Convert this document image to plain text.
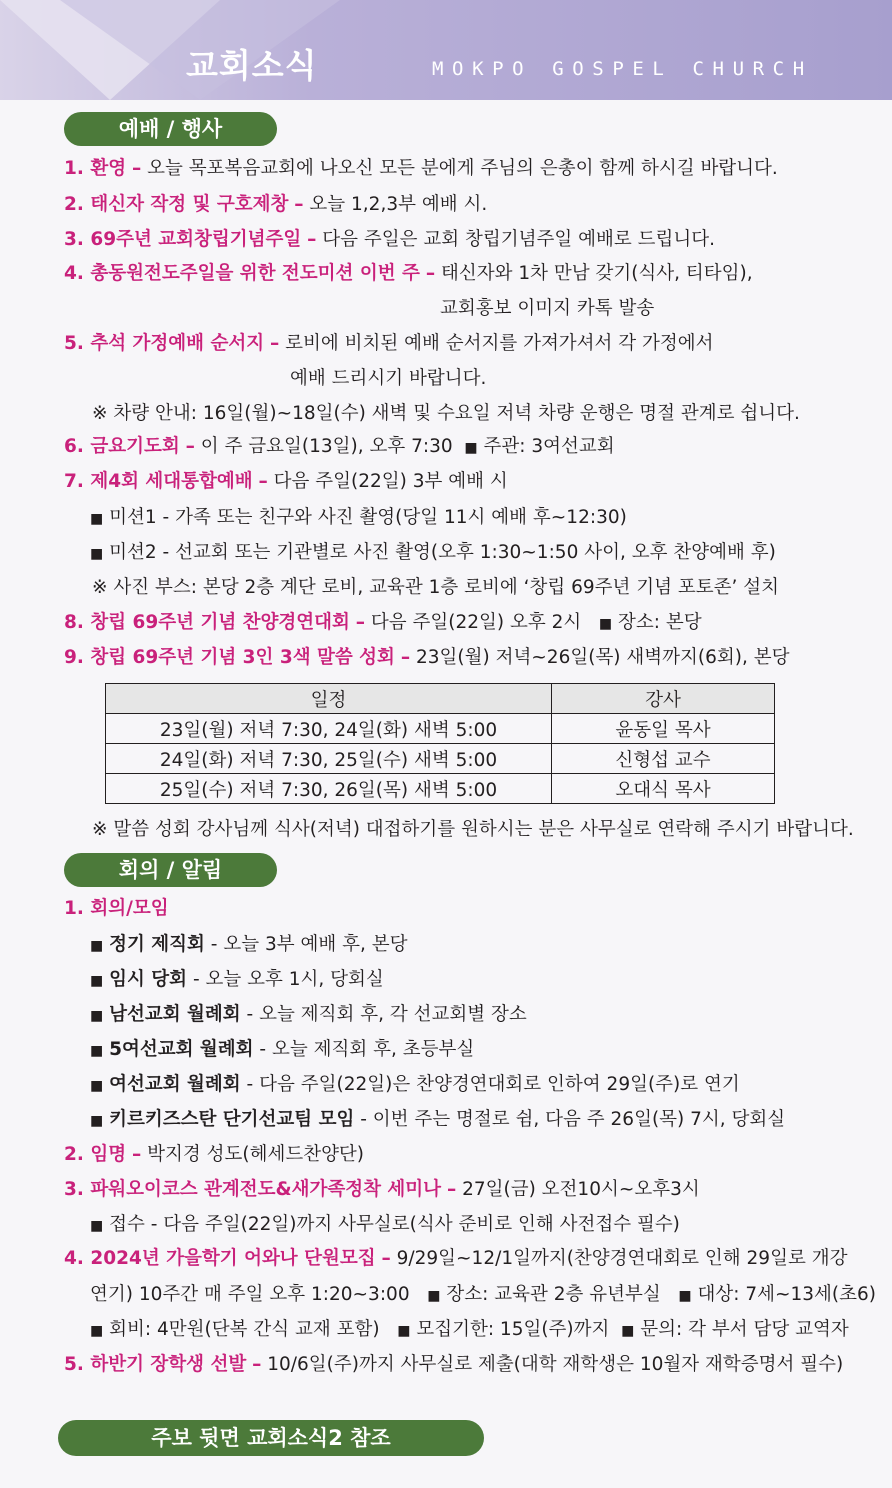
교회소식	MOKPO GOSPEL CHURCH
예배 / 행사
1. 환영 – 오늘 목포복음교회에 나오신 모든 분에게 주님의 은총이 함께 하시길 바랍니다.
2. 태신자 작정 및 구호제창 – 오늘 1,2,3부 예배 시.
3. 69주년 교회창립기념주일 – 다음 주일은 교회 창립기념주일 예배로 드립니다.
4. 총동원전도주일을 위한 전도미션 이번 주 – 태신자와 1차 만남 갖기(식사, 티타임),
교회홍보 이미지 카톡 발송
5. 추석 가정예배 순서지 – 로비에 비치된 예배 순서지를 가져가셔서 각 가정에서
예배 드리시기 바랍니다.
※ 차량 안내: 16일(월)~18일(수) 새벽 및 수요일 저녁 차량 운행은 명절 관계로 쉽니다.
6. 금요기도회 – 이 주 금요일(13일), 오후 7:30 ■ 주관: 3여선교회
7. 제4회 세대통합예배 – 다음 주일(22일) 3부 예배 시
■ 미션1 - 가족 또는 친구와 사진 촬영(당일 11시 예배 후~12:30)
■ 미션2 - 선교회 또는 기관별로 사진 촬영(오후 1:30~1:50 사이, 오후 찬양예배 후)
※ 사진 부스: 본당 2층 계단 로비, 교육관 1층 로비에 ‘창립 69주년 기념 포토존’ 설치
8. 창립 69주년 기념 찬양경연대회 – 다음 주일(22일) 오후 2시 ■ 장소: 본당
9. 창립 69주년 기념 3인 3색 말씀 성회 – 23일(월) 저녁~26일(목) 새벽까지(6회), 본당
일정	강사
23일(월) 저녁 7:30, 24일(화) 새벽 5:00	윤동일 목사
24일(화) 저녁 7:30, 25일(수) 새벽 5:00	신형섭 교수
25일(수) 저녁 7:30, 26일(목) 새벽 5:00	오대식 목사
※ 말씀 성회 강사님께 식사(저녁) 대접하기를 원하시는 분은 사무실로 연락해 주시기 바랍니다.
회의 / 알림
1. 회의/모임
■ 정기 제직회 - 오늘 3부 예배 후, 본당
■ 임시 당회 - 오늘 오후 1시, 당회실
■ 남선교회 월례회 - 오늘 제직회 후, 각 선교회별 장소
■ 5여선교회 월례회 - 오늘 제직회 후, 초등부실
■ 여선교회 월례회 - 다음 주일(22일)은 찬양경연대회로 인하여 29일(주)로 연기
■ 키르키즈스탄 단기선교팀 모임 - 이번 주는 명절로 쉼, 다음 주 26일(목) 7시, 당회실
2. 임명 – 박지경 성도(헤세드찬양단)
3. 파워오이코스 관계전도&새가족정착 세미나 – 27일(금) 오전10시~오후3시
■ 접수 - 다음 주일(22일)까지 사무실로(식사 준비로 인해 사전접수 필수)
4. 2024년 가을학기 어와나 단원모집 – 9/29일~12/1일까지(찬양경연대회로 인해 29일로 개강
연기) 10주간 매 주일 오후 1:20~3:00 ■ 장소: 교육관 2층 유년부실 ■ 대상: 7세~13세(초6)
■ 회비: 4만원(단복 간식 교재 포함) ■ 모집기한: 15일(주)까지 ■ 문의: 각 부서 담당 교역자
5. 하반기 장학생 선발 – 10/6일(주)까지 사무실로 제출(대학 재학생은 10월자 재학증명서 필수)
주보 뒷면 교회소식2 참조
